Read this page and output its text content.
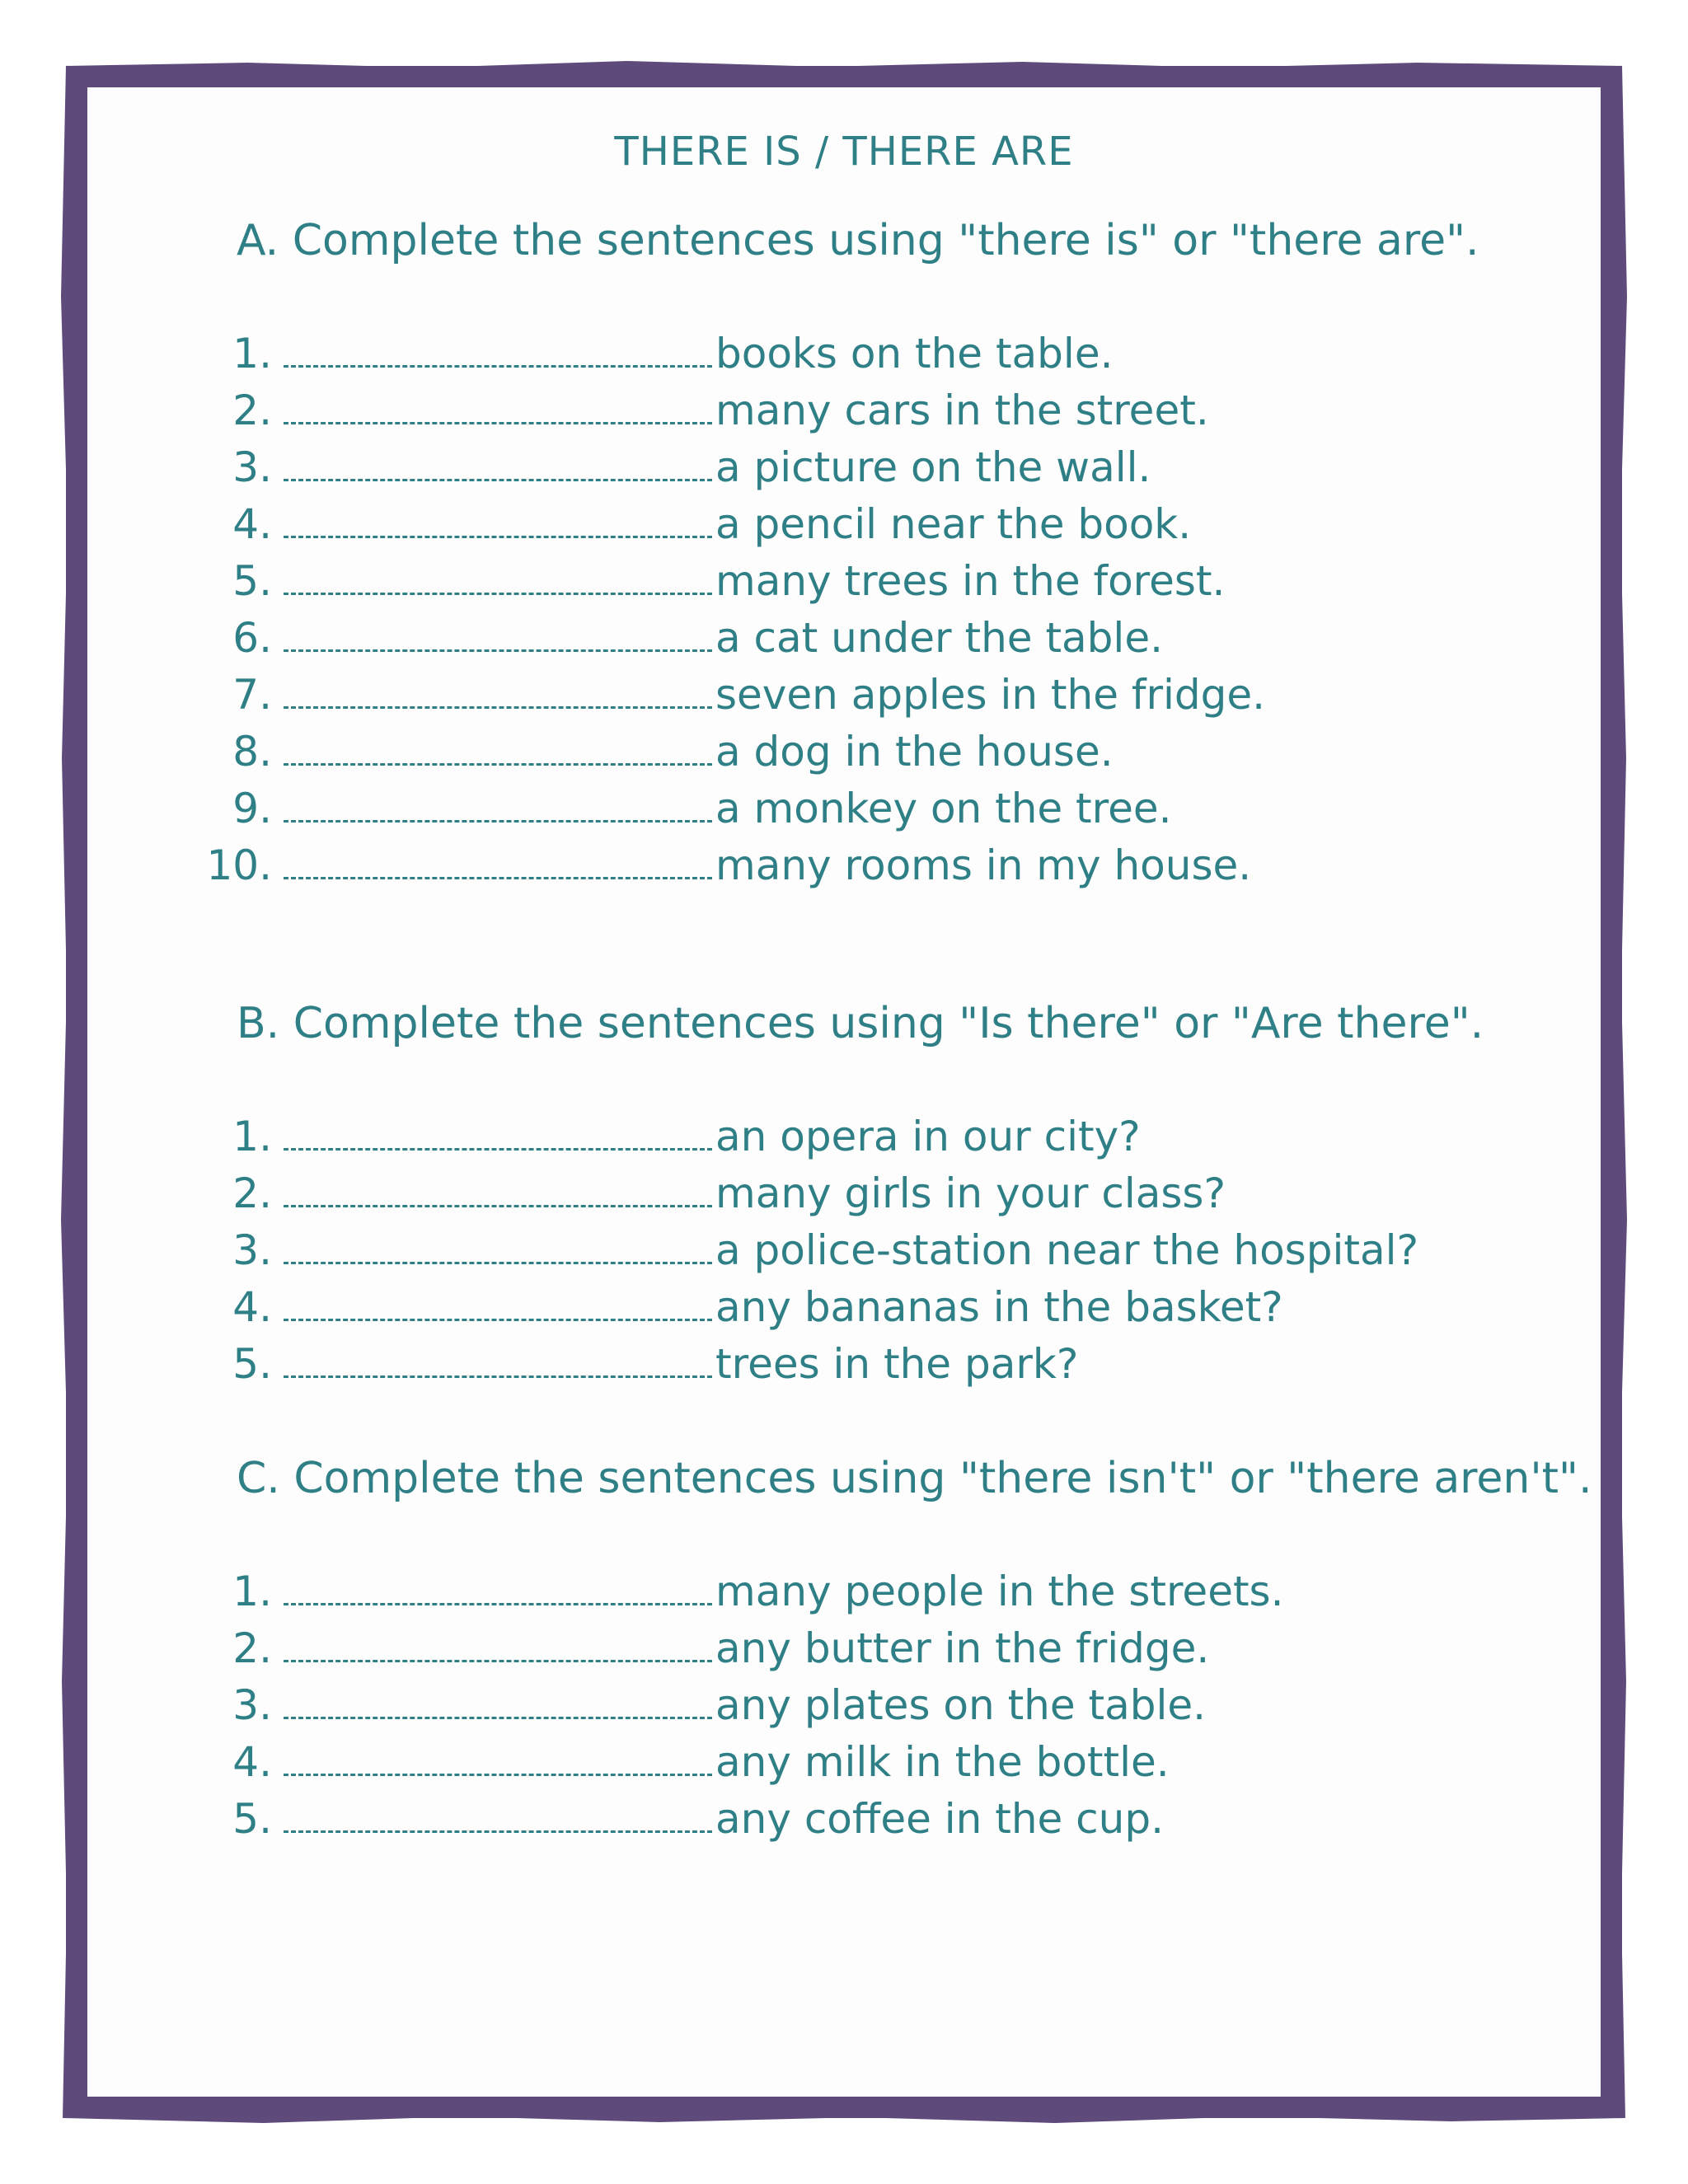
THERE IS / THERE ARE
A. Complete the sentences using "there is" or "there are".
1.	books on the table.
2.	many cars in the street.
3.	a picture on the wall.
4.	a pencil near the book.
5.	many trees in the forest.
6.	a cat under the table.
7.	seven apples in the fridge.
8.	a dog in the house.
9.	a monkey on the tree.
10.	many rooms in my house.
B. Complete the sentences using "Is there" or "Are there".
1.	an opera in our city?
2.	many girls in your class?
3.	a police-station near the hospital?
4.	any bananas in the basket?
5.	trees in the park?
C. Complete the sentences using "there isn't" or "there aren't".
1.	many people in the streets.
2.	any butter in the fridge.
3.	any plates on the table.
4.	any milk in the bottle.
5.	any coffee in the cup.
